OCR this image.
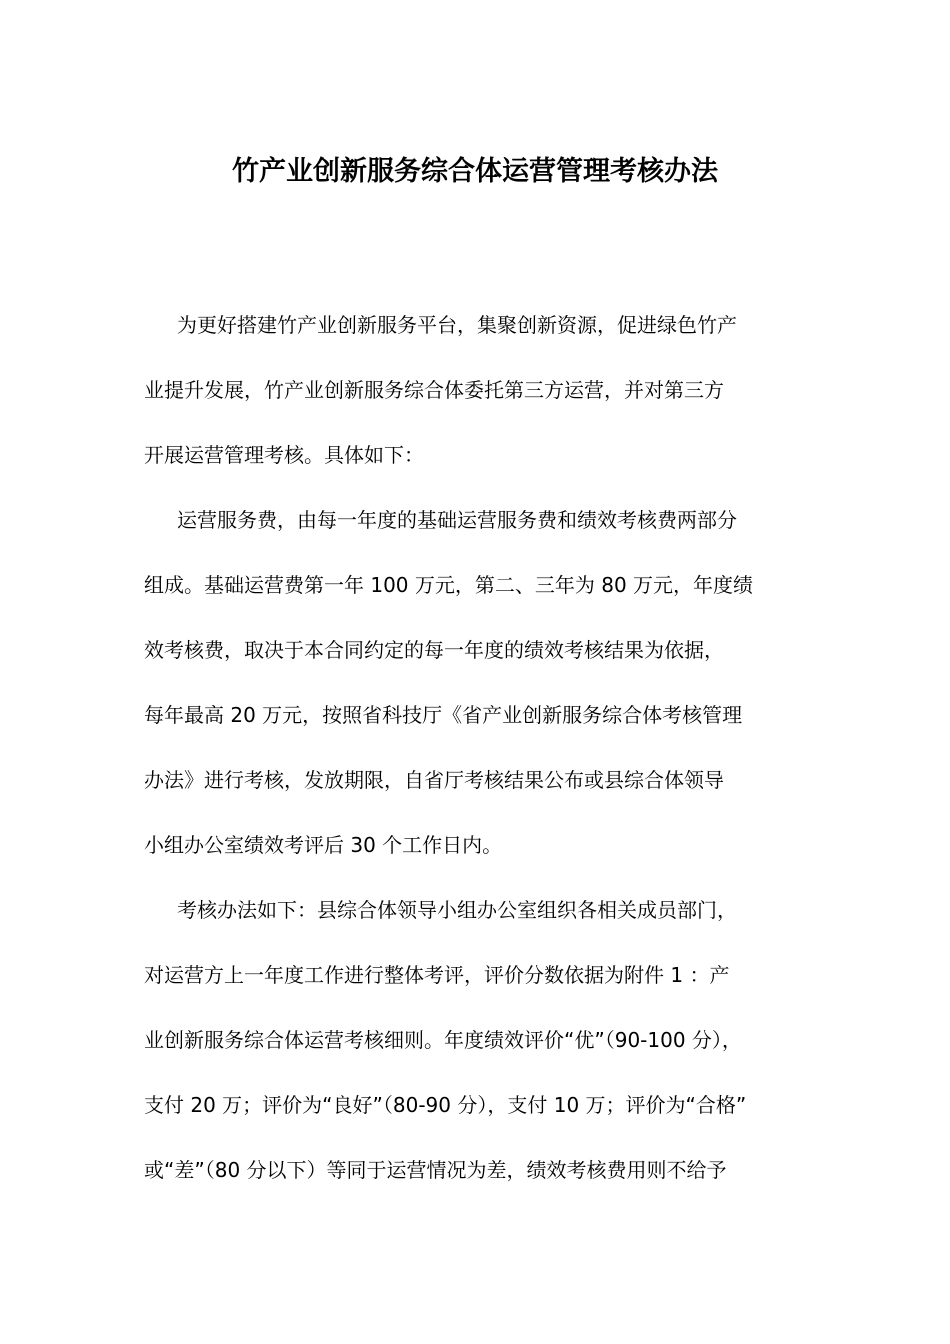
竹产业创新服务综合体运营管理考核办法
为更好搭建竹产业创新服务平台，集聚创新资源，促进绿色竹产
业提升发展，竹产业创新服务综合体委托第三方运营，并对第三方
开展运营管理考核。具体如下：
运营服务费，由每一年度的基础运营服务费和绩效考核费两部分
组成。基础运营费第一年 100 万元，第二、三年为 80 万元，年度绩
效考核费，取决于本合同约定的每一年度的绩效考核结果为依据，
每年最高 20 万元，按照省科技厅《省产业创新服务综合体考核管理
办法》进行考核，发放期限，自省厅考核结果公布或县综合体领导
小组办公室绩效考评后 30 个工作日内。
考核办法如下：县综合体领导小组办公室组织各相关成员部门，
对运营方上一年度工作进行整体考评，评价分数依据为附件 1 ：产
业创新服务综合体运营考核细则。年度绩效评价“优”（90-100 分），
支付 20 万；评价为“良好”（80-90 分），支付 10 万；评价为“合格”
或“差”（80 分以下）等同于运营情况为差，绩效考核费用则不给予
